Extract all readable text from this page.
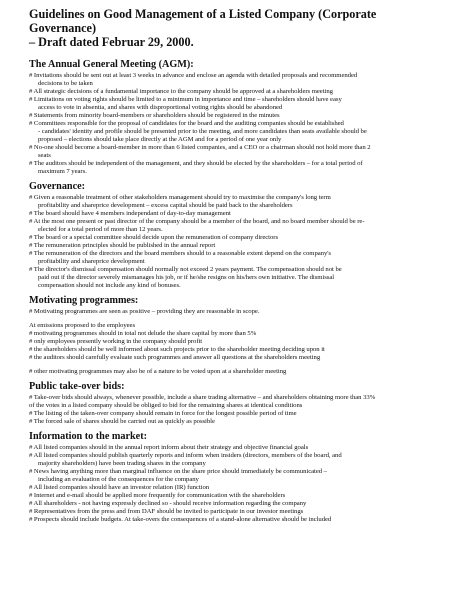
Guidelines on Good Management of a Listed Company (Corporate Governance)
– Draft dated Februar 29, 2000.
The Annual General Meeting (AGM):
# Invitations should be sent out at least 3 weeks in advance and enclose an agenda with detailed proposals and recommended
decisions to be taken
# All strategic decisions of a fundamental importance to the company should be approved at a shareholders meeting
# Limitations on voting rights should be limited to a minimum in importance and time – shareholders should have easy
access to vote in absentia, and shares with disproportional voting rights should be abandoned
# Statements from minority board-members or shareholders should be registered in the minutes
# Committees responsible for the proposal of candidates for the board and the auditing companies should be established
- candidates' identity and profile should be presented prior to the meeting, and more candidates than seats available should be
proposed – elections should take place directly at the AGM and for a period of one year only
# No-one should become a board-member in more than 6 listed companies, and a CEO or a chairman should not hold more than 2
seats
# The auditors should be independent of the management, and they should be elected by the shareholders – for a total period of
maximum 7 years.
Governance:
# Given a reasonable treatment of other stakeholders management should try to maximise the company's long term
profitability and shareprice development – excess capital should be paid back to the shareholders
# The board should have 4 members independant of day-to-day management
# At the most one present or past director of the company should be a member of the board, and no board member should be re-
elected for a total period of more than 12 years.
# The board or a special committee should decide upon the remuneration of company directors
# The remuneration principles should be published in the annual report
# The remuneration of the directors and the board members should to a reasonable extent depend on the company's
profitability and shareprice development
# The director's dismissal compensation should normally not exceed 2 years payment. The compensation should not be
paid out if the director severely mismanages his job, or if he/she resigns on his/hers own initiative. The dismissal
compensation should not include any kind of bonuses.
Motivating programmes:
# Motivating programmes are seen as positive – providing they are reasonable in scope.
At emissions proposed to the employees
# motivating programmes should in total not delude the share capital by more than 5%
# only employees presently working in the company should profit
# the shareholders should be well informed about such projects prior to the shareholder meeting deciding upon it
# the auditors should carefully evaluate such programmes and answer all questions at the shareholders meeting
# other motivating programmes may also be of a nature to be voted upon at a shareholder meeting
Public take-over bids:
# Take-over bids should always, whenever possible, include a share trading alternative – and shareholders obtaining more than 33%
of the votes in a listed company should be obliged to bid for the remaining shares at identical conditions
# The listing of the taken-over company should remain in force for the longest possible period of time
# The forced sale of shares should be carried out as quickly as possible
Information to the market:
# All listed companies should in the annual report inform about their strategy and objective financial goals
# All listed companies should publish quarterly reports and inform when insiders (directors, members of the board, and
majority shareholders) have been trading shares in the company
# News having anything more than marginal influence on the share price should immediately be communicated –
including an evaluation of the consequences for the company
# All listed companies should have an investor relation (IR) function
# Internet and e-mail should be applied more frequently for communication with the shareholders
# All shareholders - not having expressly declined so - should receive information regarding the company
# Representatives from the press and from DAF should be invited to participate in our investor meetings
# Prospects should include budgets. At take-overs the consequences of a stand-alone alternative should be included
